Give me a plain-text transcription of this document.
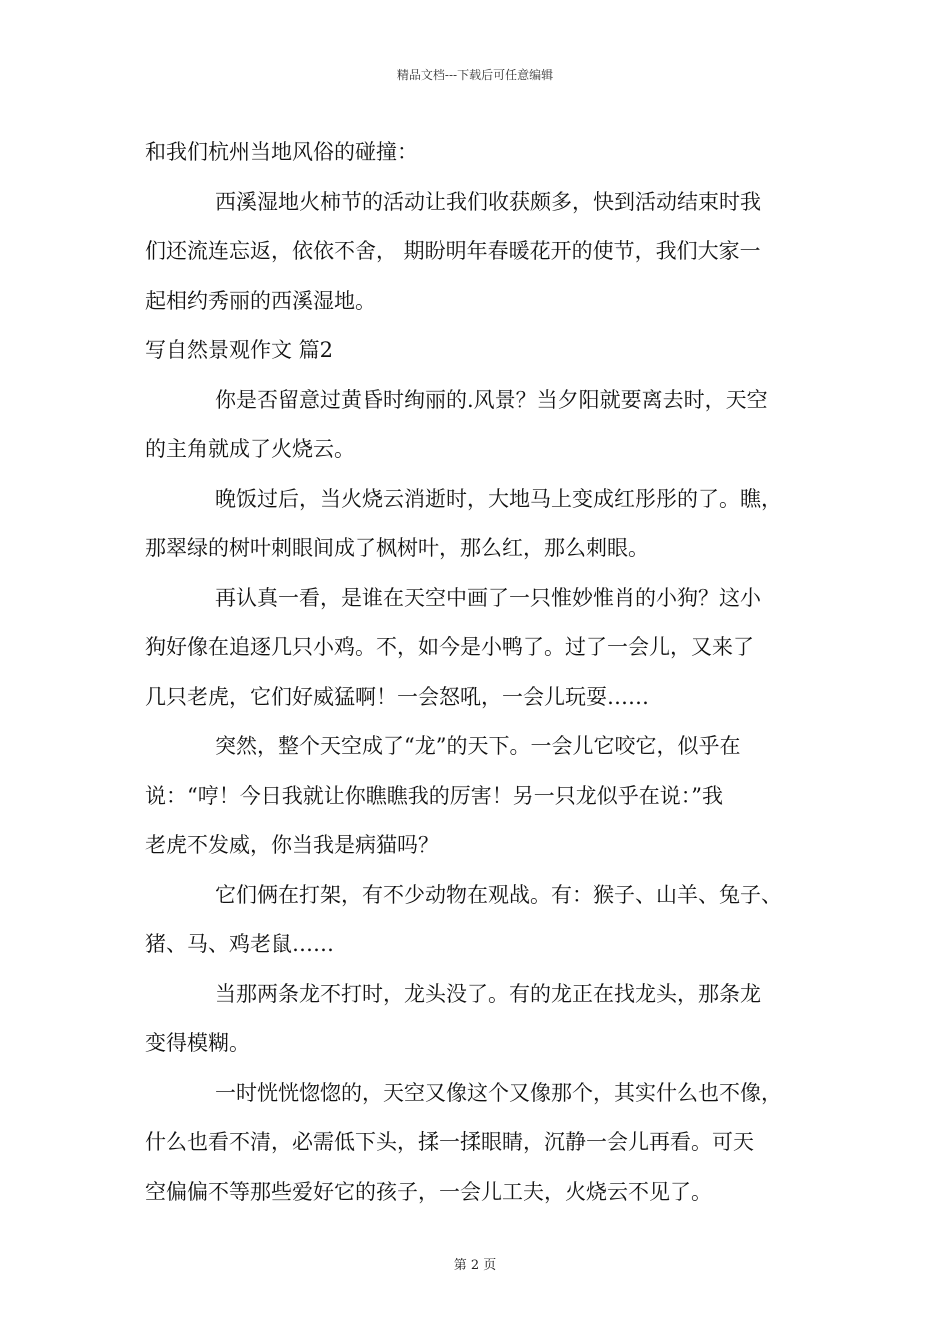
精品文档---下载后可任意编辑
和我们杭州当地风俗的碰撞：
西溪湿地火柿节的活动让我们收获颇多，快到活动结束时我
们还流连忘返，依依不舍， 期盼明年春暖花开的使节，我们大家一
起相约秀丽的西溪湿地。
写自然景观作文 篇2
你是否留意过黄昏时绚丽的.风景？当夕阳就要离去时，天空
的主角就成了火烧云。
晚饭过后，当火烧云消逝时，大地马上变成红彤彤的了。瞧，
那翠绿的树叶刺眼间成了枫树叶，那么红，那么刺眼。
再认真一看，是谁在天空中画了一只惟妙惟肖的小狗？这小
狗好像在追逐几只小鸡。不，如今是小鸭了。过了一会儿，又来了
几只老虎，它们好威猛啊！一会怒吼，一会儿玩耍……
突然，整个天空成了“龙”的天下。一会儿它咬它，似乎在
说：“哼！今日我就让你瞧瞧我的厉害！另一只龙似乎在说：”我
老虎不发威，你当我是病猫吗？
它们俩在打架，有不少动物在观战。有：猴子、山羊、兔子、
猪、马、鸡老鼠……
当那两条龙不打时，龙头没了。有的龙正在找龙头，那条龙
变得模糊。
一时恍恍惚惚的，天空又像这个又像那个，其实什么也不像，
什么也看不清，必需低下头，揉一揉眼睛，沉静一会儿再看。可天
空偏偏不等那些爱好它的孩子，一会儿工夫，火烧云不见了。
第 2 页
